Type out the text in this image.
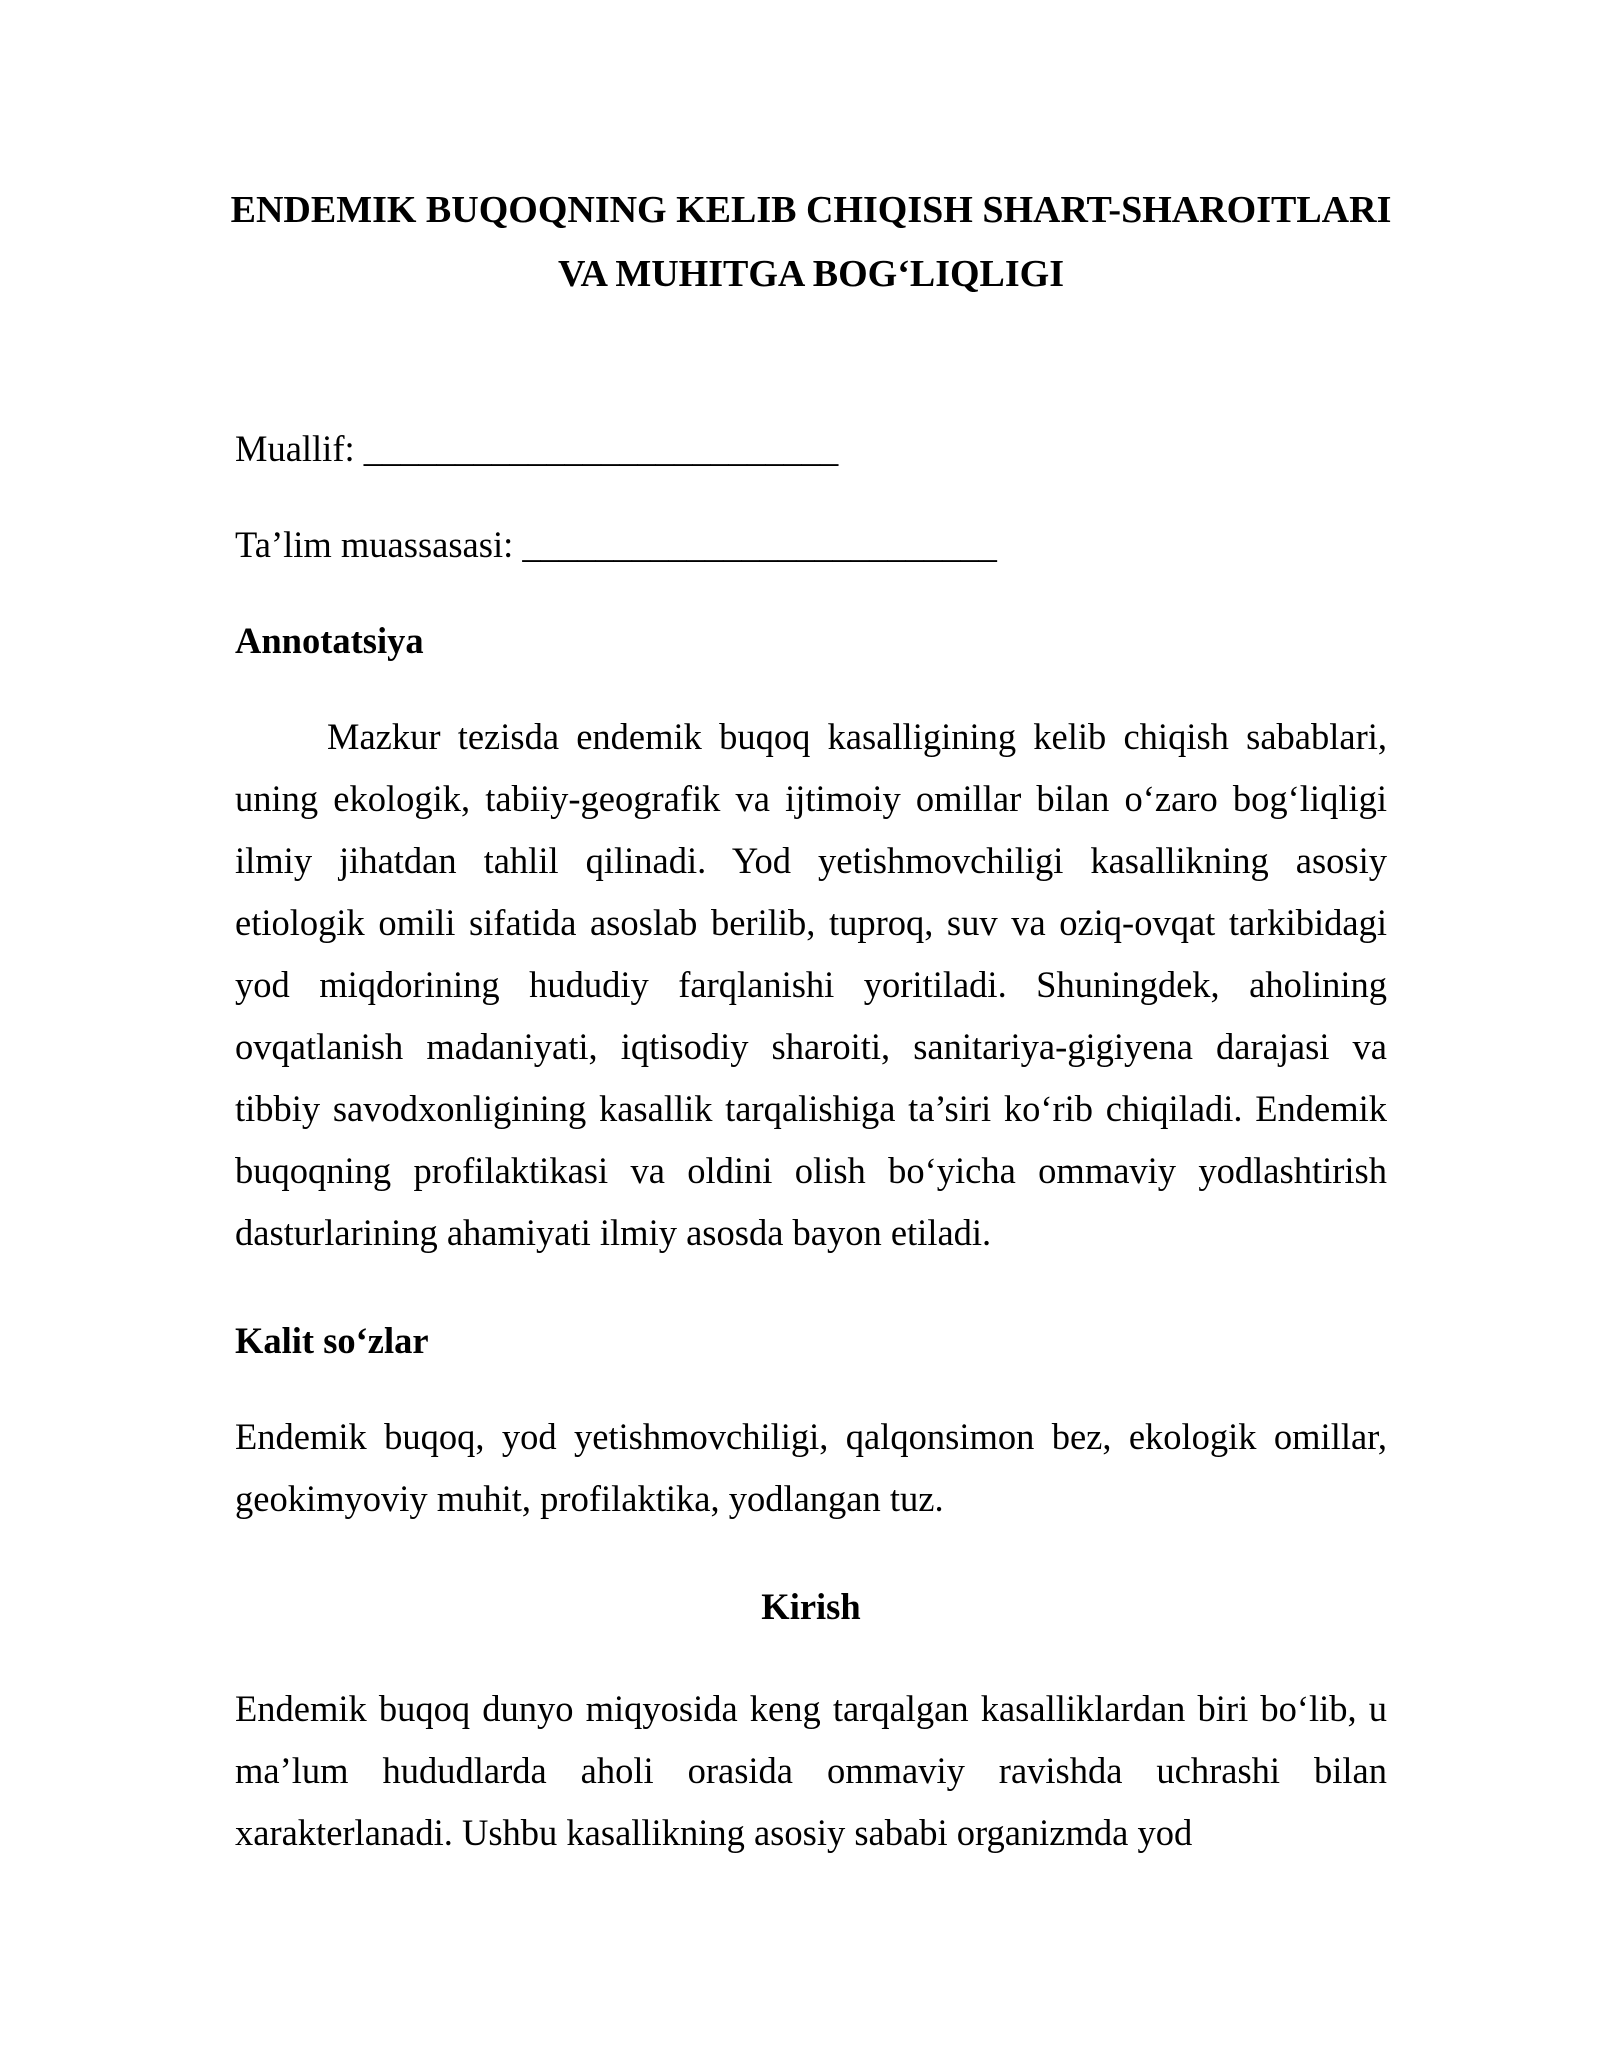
ENDEMIK BUQOQNING KELIB CHIQISH SHART-SHAROITLARI
VA MUHITGA BOGʻLIQLIGI

Muallif: __________________________

Ta’lim muassasasi: __________________________

Annotatsiya
Mazkur tezisda endemik buqoq kasalligining kelib chiqish sabablari,
uning ekologik, tabiiy-geografik va ijtimoiy omillar bilan oʻzaro bogʻliqligi
ilmiy jihatdan tahlil qilinadi. Yod yetishmovchiligi kasallikning asosiy
etiologik omili sifatida asoslab berilib, tuproq, suv va oziq-ovqat tarkibidagi
yod miqdorining hududiy farqlanishi yoritiladi. Shuningdek, aholining
ovqatlanish madaniyati, iqtisodiy sharoiti, sanitariya-gigiyena darajasi va
tibbiy savodxonligining kasallik tarqalishiga ta’siri koʻrib chiqiladi. Endemik
buqoqning profilaktikasi va oldini olish boʻyicha ommaviy yodlashtirish
dasturlarining ahamiyati ilmiy asosda bayon etiladi.
Kalit soʻzlar
Endemik buqoq, yod yetishmovchiligi, qalqonsimon bez, ekologik omillar,
geokimyoviy muhit, profilaktika, yodlangan tuz.
Kirish
Endemik buqoq dunyo miqyosida keng tarqalgan kasalliklardan biri boʻlib, u
ma’lum hududlarda aholi orasida ommaviy ravishda uchrashi bilan
xarakterlanadi. Ushbu kasallikning asosiy sababi organizmda yod
